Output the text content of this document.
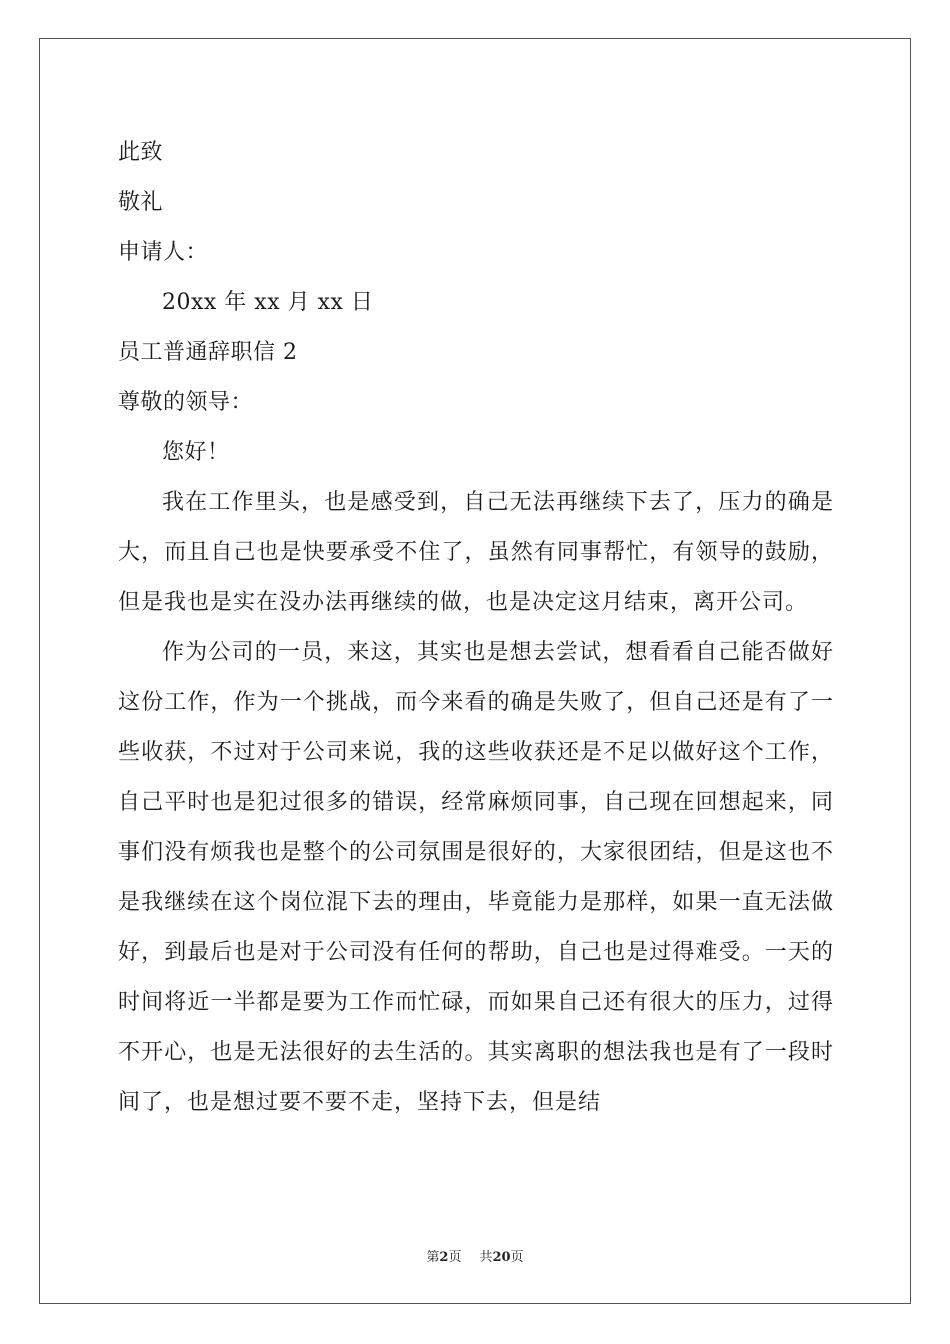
此致
敬礼
申请人：
20xx 年 xx 月 xx 日
员工普通辞职信 2
尊敬的领导：
您好！

我在工作里头，也是感受到，自己无法再继续下去了，压力的确是大，而且自己也是快要承受不住了，虽然有同事帮忙，有领导的鼓励，但是我也是实在没办法再继续的做，也是决定这月结束，离开公司。

作为公司的一员，来这，其实也是想去尝试，想看看自己能否做好这份工作，作为一个挑战，而今来看的确是失败了，但自己还是有了一些收获，不过对于公司来说，我的这些收获还是不足以做好这个工作，自己平时也是犯过很多的错误，经常麻烦同事，自己现在回想起来，同事们没有烦我也是整个的公司氛围是很好的，大家很团结，但是这也不是我继续在这个岗位混下去的理由，毕竟能力是那样，如果一直无法做好，到最后也是对于公司没有任何的帮助，自己也是过得难受。一天的时间将近一半都是要为工作而忙碌，而如果自己还有很大的压力，过得不开心，也是无法很好的去生活的。其实离职的想法我也是有了一段时间了，也是想过要不要不走，坚持下去，但是结

第2页 共20页
